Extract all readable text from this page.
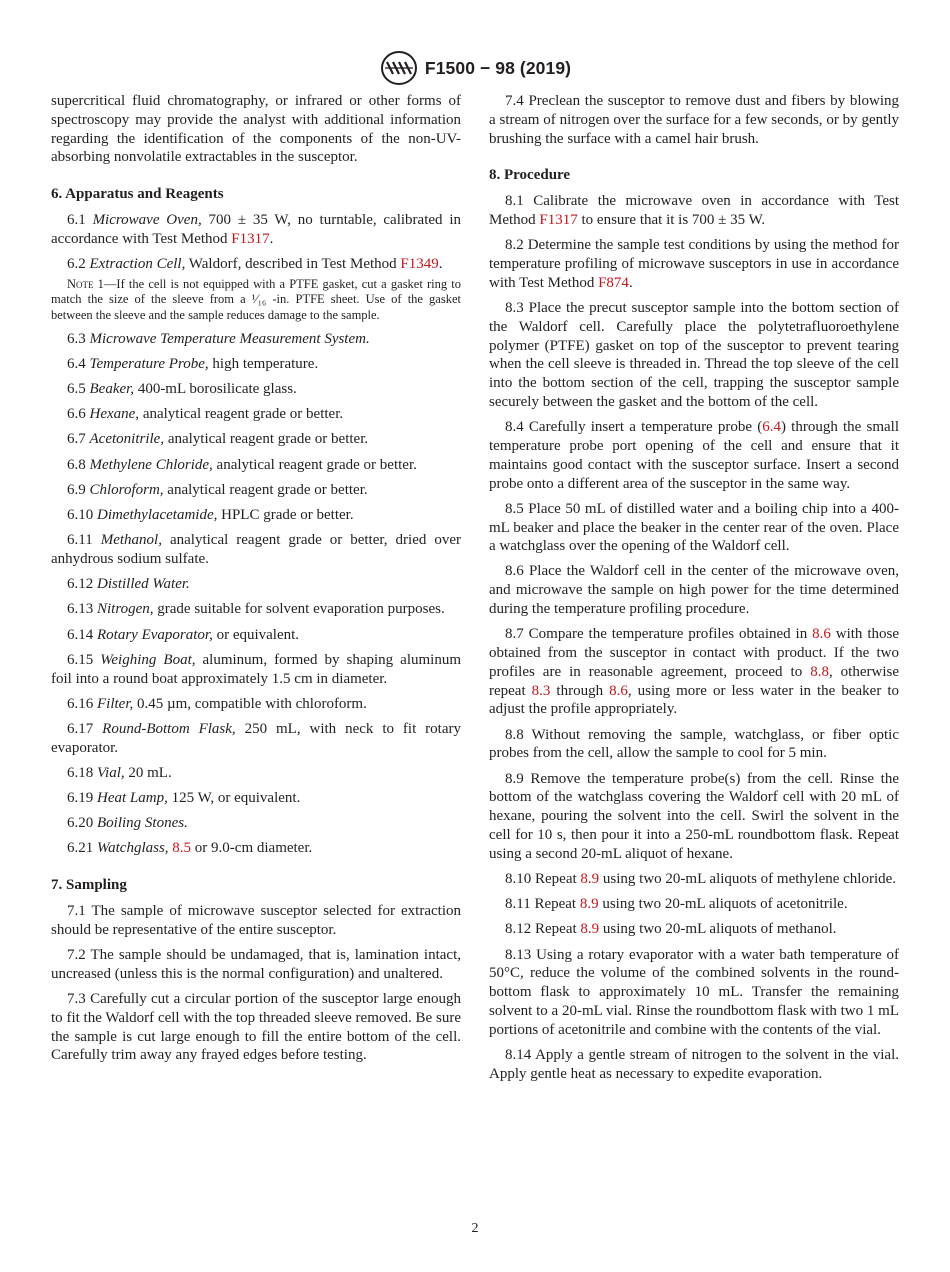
F1500 − 98 (2019)

supercritical fluid chromatography, or infrared or other forms of spectroscopy may provide the analyst with additional information regarding the identification of the components of the non-UV-absorbing nonvolatile extractables in the susceptor.

6. Apparatus and Reagents

6.1 Microwave Oven, 700 ± 35 W, no turntable, calibrated in accordance with Test Method F1317.

6.2 Extraction Cell, Waldorf, described in Test Method F1349.

Note 1—If the cell is not equipped with a PTFE gasket, cut a gasket ring to match the size of the sleeve from a ¹⁄₁₆ -in. PTFE sheet. Use of the gasket between the sleeve and the sample reduces damage to the sample.

6.3 Microwave Temperature Measurement System.

6.4 Temperature Probe, high temperature.

6.5 Beaker, 400-mL borosilicate glass.

6.6 Hexane, analytical reagent grade or better.

6.7 Acetonitrile, analytical reagent grade or better.

6.8 Methylene Chloride, analytical reagent grade or better.

6.9 Chloroform, analytical reagent grade or better.

6.10 Dimethylacetamide, HPLC grade or better.

6.11 Methanol, analytical reagent grade or better, dried over anhydrous sodium sulfate.

6.12 Distilled Water.

6.13 Nitrogen, grade suitable for solvent evaporation purposes.

6.14 Rotary Evaporator, or equivalent.

6.15 Weighing Boat, aluminum, formed by shaping aluminum foil into a round boat approximately 1.5 cm in diameter.

6.16 Filter, 0.45 µm, compatible with chloroform.

6.17 Round-Bottom Flask, 250 mL, with neck to fit rotary evaporator.

6.18 Vial, 20 mL.

6.19 Heat Lamp, 125 W, or equivalent.

6.20 Boiling Stones.

6.21 Watchglass, 8.5 or 9.0-cm diameter.

7. Sampling

7.1 The sample of microwave susceptor selected for extraction should be representative of the entire susceptor.

7.2 The sample should be undamaged, that is, lamination intact, uncreased (unless this is the normal configuration) and unaltered.

7.3 Carefully cut a circular portion of the susceptor large enough to fit the Waldorf cell with the top threaded sleeve removed. Be sure the sample is cut large enough to fill the entire bottom of the cell. Carefully trim away any frayed edges before testing.

7.4 Preclean the susceptor to remove dust and fibers by blowing a stream of nitrogen over the surface for a few seconds, or by gently brushing the surface with a camel hair brush.

8. Procedure

8.1 Calibrate the microwave oven in accordance with Test Method F1317 to ensure that it is 700 ± 35 W.

8.2 Determine the sample test conditions by using the method for temperature profiling of microwave susceptors in use in accordance with Test Method F874.

8.3 Place the precut susceptor sample into the bottom section of the Waldorf cell. Carefully place the polytetrafluoroethylene polymer (PTFE) gasket on top of the susceptor to prevent tearing when the cell sleeve is threaded in. Thread the top sleeve of the cell into the bottom section of the cell, trapping the susceptor sample securely between the gasket and the bottom of the cell.

8.4 Carefully insert a temperature probe (6.4) through the small temperature probe port opening of the cell and ensure that it maintains good contact with the susceptor surface. Insert a second probe onto a different area of the susceptor in the same way.

8.5 Place 50 mL of distilled water and a boiling chip into a 400-mL beaker and place the beaker in the center rear of the oven. Place a watchglass over the opening of the Waldorf cell.

8.6 Place the Waldorf cell in the center of the microwave oven, and microwave the sample on high power for the time determined during the temperature profiling procedure.

8.7 Compare the temperature profiles obtained in 8.6 with those obtained from the susceptor in contact with product. If the two profiles are in reasonable agreement, proceed to 8.8, otherwise repeat 8.3 through 8.6, using more or less water in the beaker to adjust the profile appropriately.

8.8 Without removing the sample, watchglass, or fiber optic probes from the cell, allow the sample to cool for 5 min.

8.9 Remove the temperature probe(s) from the cell. Rinse the bottom of the watchglass covering the Waldorf cell with 20 mL of hexane, pouring the solvent into the cell. Swirl the solvent in the cell for 10 s, then pour it into a 250-mL roundbottom flask. Repeat using a second 20-mL aliquot of hexane.

8.10 Repeat 8.9 using two 20-mL aliquots of methylene chloride.

8.11 Repeat 8.9 using two 20-mL aliquots of acetonitrile.

8.12 Repeat 8.9 using two 20-mL aliquots of methanol.

8.13 Using a rotary evaporator with a water bath temperature of 50°C, reduce the volume of the combined solvents in the round-bottom flask to approximately 10 mL. Transfer the remaining solvent to a 20-mL vial. Rinse the roundbottom flask with two 1 mL portions of acetonitrile and combine with the contents of the vial.

8.14 Apply a gentle stream of nitrogen to the solvent in the vial. Apply gentle heat as necessary to expedite evaporation.

2
